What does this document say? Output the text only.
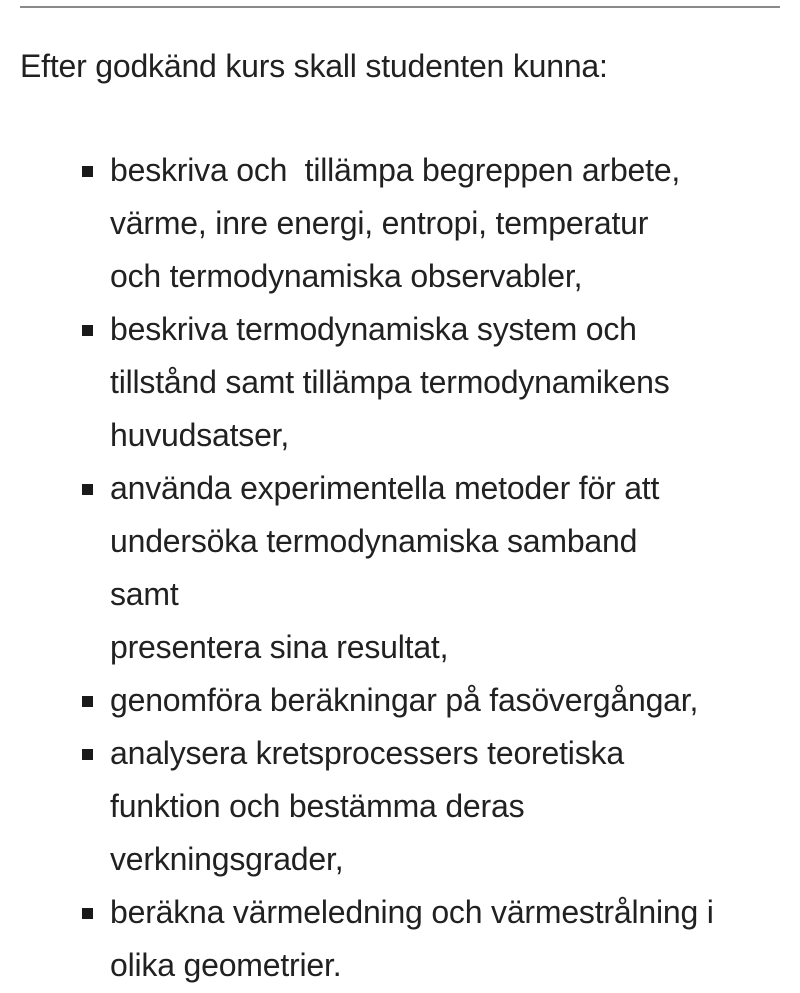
Efter godkänd kurs skall studenten kunna:

beskriva och  tillämpa begreppen arbete,
värme, inre energi, entropi, temperatur
och termodynamiska observabler,
beskriva termodynamiska system och
tillstånd samt tillämpa termodynamikens
huvudsatser,
använda experimentella metoder för att
undersöka termodynamiska samband
samt
presentera sina resultat,
genomföra beräkningar på fasövergångar,
analysera kretsprocessers teoretiska
funktion och bestämma deras
verkningsgrader,
beräkna värmeledning och värmestrålning i
olika geometrier.
